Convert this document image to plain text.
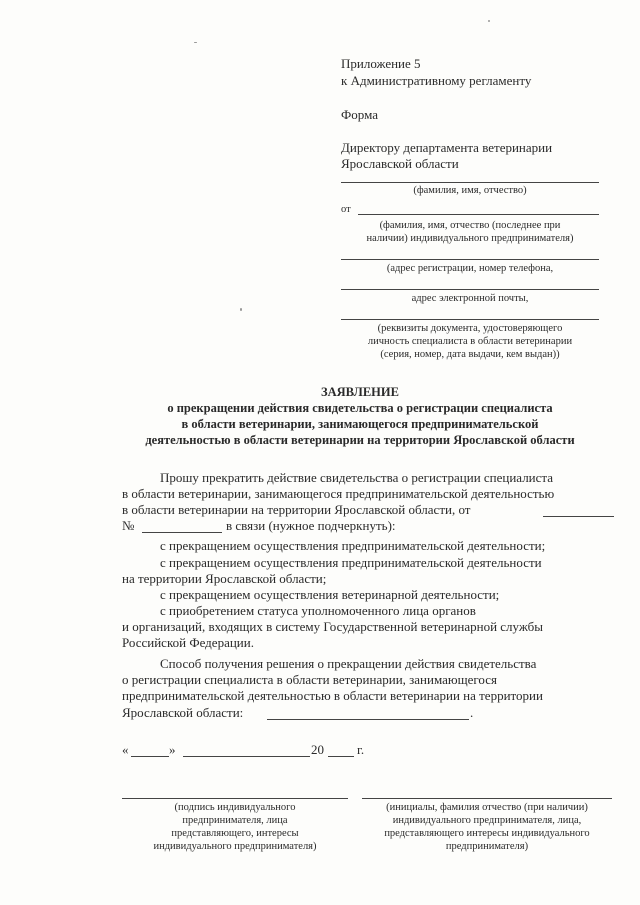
Приложение 5
к Административному регламенту
Форма
Директору департамента ветеринарии
Ярославской области
(фамилия, имя, отчество)
от
(фамилия, имя, отчество (последнее при
наличии) индивидуального предпринимателя)
(адрес регистрации, номер телефона,
адрес электронной почты,
(реквизиты документа, удостоверяющего
личность специалиста в области ветеринарии
(серия, номер, дата выдачи, кем выдан))
ЗАЯВЛЕНИЕ
о прекращении действия свидетельства о регистрации специалиста
в области ветеринарии, занимающегося предпринимательской
деятельностью в области ветеринарии на территории Ярославской области
Прошу прекратить действие свидетельства о регистрации специалиста
в области ветеринарии, занимающегося предпринимательской деятельностью
в области ветеринарии на территории Ярославской области, от
№	в связи (нужное подчеркнуть):
с прекращением осуществления предпринимательской деятельности;
с прекращением осуществления предпринимательской деятельности
на территории Ярославской области;
с прекращением осуществления ветеринарной деятельности;
с приобретением статуса уполномоченного лица органов
и организаций, входящих в систему Государственной ветеринарной службы
Российской Федерации.
Способ получения решения о прекращении действия свидетельства
о регистрации специалиста в области ветеринарии, занимающегося
предпринимательской деятельностью в области ветеринарии на территории
Ярославской области:	.
«	»	20	г.
(подпись индивидуального
предпринимателя, лица
представляющего, интересы
индивидуального предпринимателя)
(инициалы, фамилия отчество (при наличии)
индивидуального предпринимателя, лица,
представляющего интересы индивидуального
предпринимателя)
